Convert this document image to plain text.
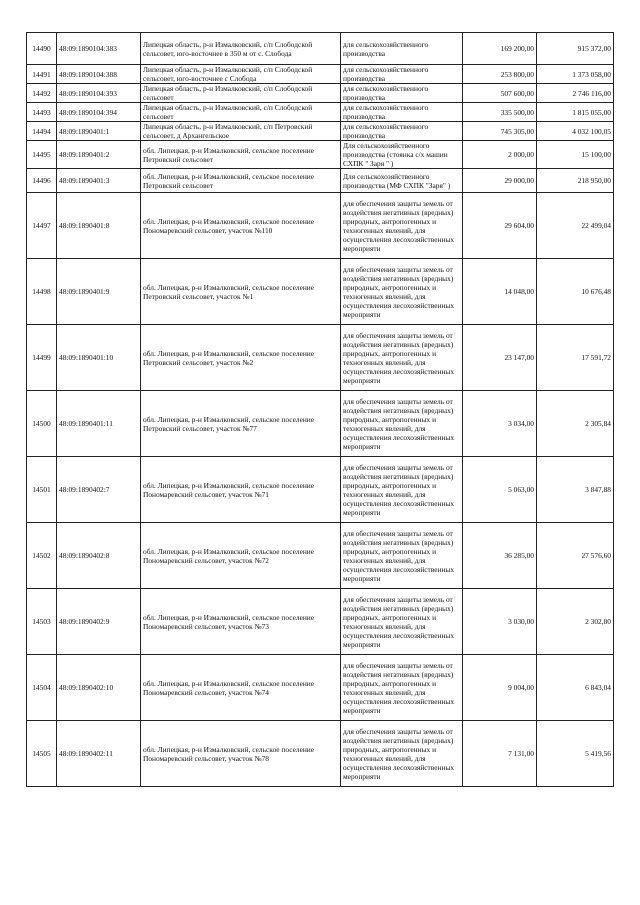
14490	48:09:1890104:383	Липецкая область, р-н Измалковский, с/п Слободской сельсовет, юго-восточнее в 350 м от с. Слобода	для сельскохозяйственного производства	169 200,00	915 372,00
14491	48:09:1890104:388	Липецкая область, р-н Измалковский, с/п Слободской сельсовет, юго-восточнее с Слобода	для сельскохозяйственного производства	253 800,00	1 373 058,00
14492	48:09:1890104:393	Липецкая область, р-н Измалковский, с/п Слободской сельсовет	для сельскохозяйственного производства	507 600,00	2 746 116,00
14493	48:09:1890104:394	Липецкая область, р-н Измалковский, с/п Слободской сельсовет	для сельскохозяйственного производства	335 500,00	1 815 055,00
14494	48:09:1890401:1	Липецкая область, р-н Измалковский, с/п Петровский сельсовет, д Архангельское	для сельскохозяйственного производства	745 305,00	4 032 100,05
14495	48:09:1890401:2	обл. Липецкая, р-н Измалковский, сельское поселение Петровский сельсовет	Для сельскохозяйственного производства (стоянка с/х машин СХПК " Заря " )	2 000,00	15 100,00
14496	48:09:1890401:3	обл. Липецкая, р-н Измалковский, сельское поселение Петровский сельсовет	Для сельскохозяйственного производства (МФ СХПК "Заря" )	29 000,00	218 950,00
14497	48:09:1890401:8	обл. Липецкая, р-н Измалковский, сельское поселение Пономаревский сельсовет, участок №110	для обеспечения защиты земель от воздействия негативных (вредных) природных, антропогенных и техногенных явлений, для осуществления лесохозяйственных мероприяти	29 604,00	22 499,04
14498	48:09:1890401:9	обл. Липецкая, р-н Измалковский, сельское поселение Петровский сельсовет, участок №1	для обеспечения защиты земель от воздействия негативных (вредных) природных, антропогенных и техногенных явлений, для осуществления лесохозяйственных мероприяти	14 048,00	10 676,48
14499	48:09:1890401:10	обл. Липецкая, р-н Измалковский, сельское поселение Петровский сельсовет, участок №2	для обеспечения защиты земель от воздействия негативных (вредных) природных, антропогенных и техногенных явлений, для осуществления лесохозяйственных мероприяти	23 147,00	17 591,72
14500	48:09:1890401:11	обл. Липецкая, р-н Измалковский, сельское поселение Петровский сельсовет, участок №77	для обеспечения защиты земель от воздействия негативных (вредных) природных, антропогенных и техногенных явлений, для осуществления лесохозяйственных мероприяти	3 034,00	2 305,84
14501	48:09:1890402:7	обл. Липецкая, р-н Измалковский, сельское поселение Пономаревский сельсовет, участок №71	для обеспечения защиты земель от воздействия негативных (вредных) природных, антропогенных и техногенных явлений, для осуществления лесохозяйственных мероприяти	5 063,00	3 847,88
14502	48:09:1890402:8	обл. Липецкая, р-н Измалковский, сельское поселение Пономаревский сельсовет, участок №72	для обеспечения защиты земель от воздействия негативных (вредных) природных, антропогенных и техногенных явлений, для осуществления лесохозяйственных мероприяти	36 285,00	27 576,60
14503	48:09:1890402:9	обл. Липецкая, р-н Измалковский, сельское поселение Пономаревский сельсовет, участок №73	для обеспечения защиты земель от воздействия негативных (вредных) природных, антропогенных и техногенных явлений, для осуществления лесохозяйственных мероприяти	3 030,00	2 302,80
14504	48:09:1890402:10	обл. Липецкая, р-н Измалковский, сельское поселение Пономаревский сельсовет, участок №74	для обеспечения защиты земель от воздействия негативных (вредных) природных, антропогенных и техногенных явлений, для осуществления лесохозяйственных мероприяти	9 004,00	6 843,04
14505	48:09:1890402:11	обл. Липецкая, р-н Измалковский, сельское поселение Пономаревский сельсовет, участок №78	для обеспечения защиты земель от воздействия негативных (вредных) природных, антропогенных и техногенных явлений, для осуществления лесохозяйственных мероприяти	7 131,00	5 419,56
